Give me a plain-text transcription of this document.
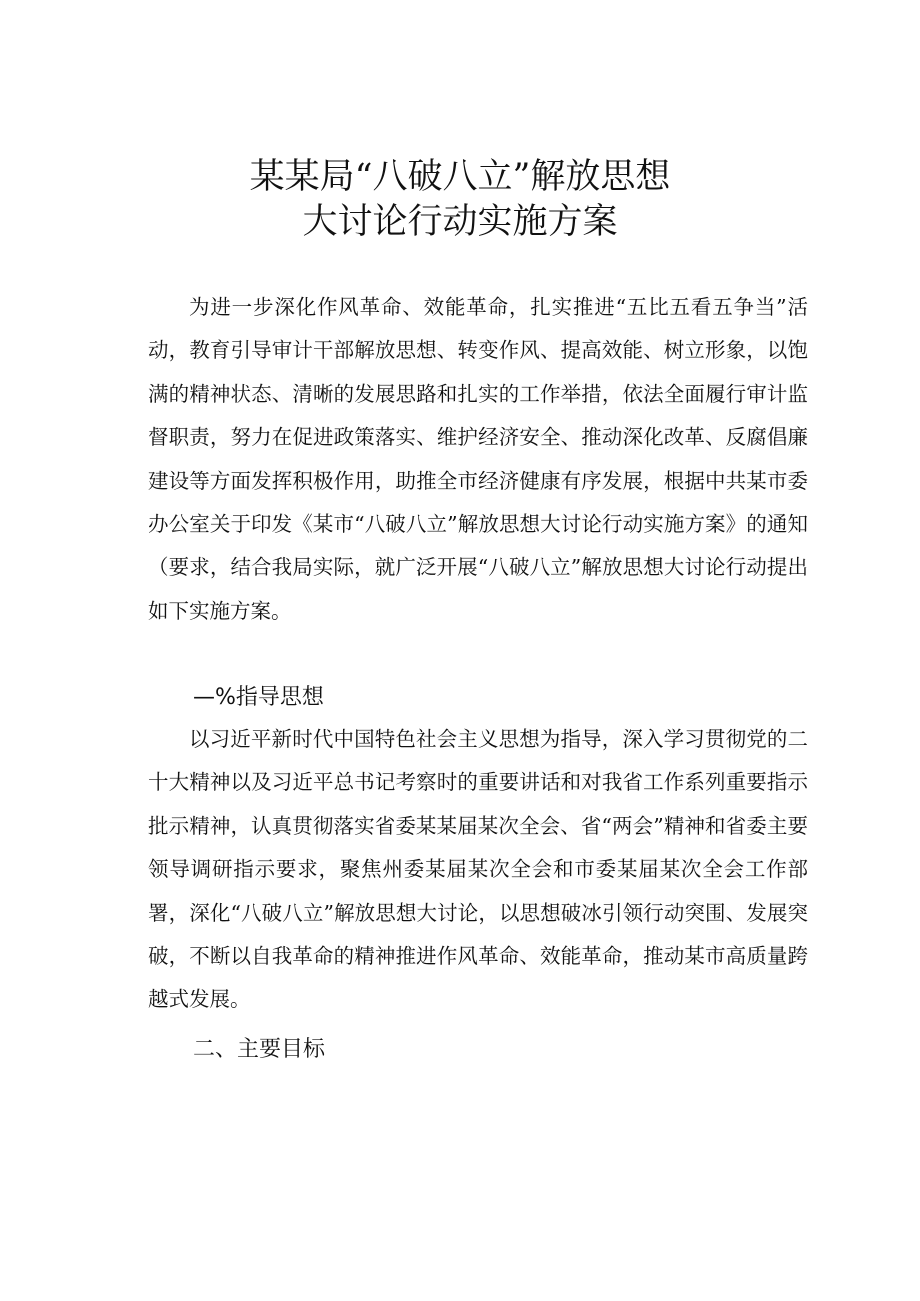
某某局“八破八立”解放思想
大讨论行动实施方案

为进一步深化作风革命、效能革命，扎实推进“五比五看五争当”活动，教育引导审计干部解放思想、转变作风、提高效能、树立形象，以饱满的精神状态、清晰的发展思路和扎实的工作举措，依法全面履行审计监督职责，努力在促进政策落实、维护经济安全、推动深化改革、反腐倡廉建设等方面发挥积极作用，助推全市经济健康有序发展，根据中共某市委办公室关于印发《某市“八破八立”解放思想大讨论行动实施方案》的通知（要求，结合我局实际，就广泛开展“八破八立”解放思想大讨论行动提出如下实施方案。

—%指导思想

以习近平新时代中国特色社会主义思想为指导，深入学习贯彻党的二十大精神以及习近平总书记考察时的重要讲话和对我省工作系列重要指示批示精神，认真贯彻落实省委某某届某次全会、省“两会”精神和省委主要领导调研指示要求，聚焦州委某届某次全会和市委某届某次全会工作部署，深化“八破八立”解放思想大讨论，以思想破冰引领行动突围、发展突破，不断以自我革命的精神推进作风革命、效能革命，推动某市高质量跨越式发展。

二、主要目标
